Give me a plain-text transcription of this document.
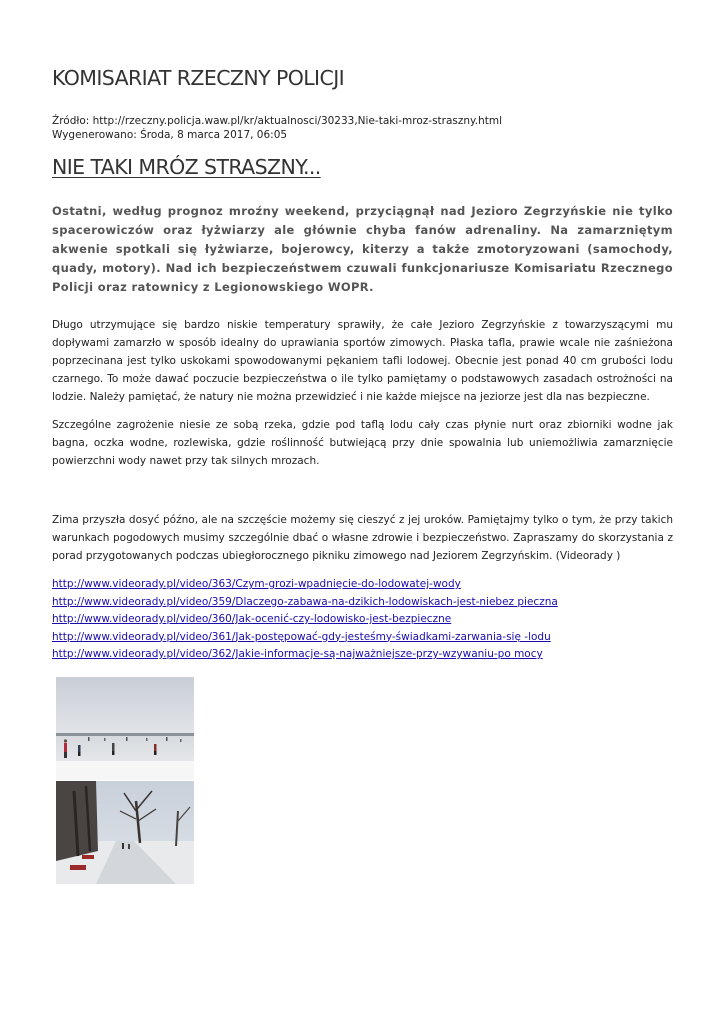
KOMISARIAT RZECZNY POLICJI
Źródło: http://rzeczny.policja.waw.pl/kr/aktualnosci/30233,Nie-taki-mroz-straszny.html
Wygenerowano: Środa, 8 marca 2017, 06:05
NIE TAKI MRÓZ STRASZNY...

Ostatni, według prognoz mroźny weekend, przyciągnął nad Jezioro Zegrzyńskie nie tylko spacerowiczów oraz łyżwiarzy ale głównie chyba fanów adrenaliny. Na zamarzniętym akwenie spotkali się łyżwiarze, bojerowcy, kiterzy a także zmotoryzowani (samochody, quady, motory). Nad ich bezpieczeństwem czuwali funkcjonariusze Komisariatu Rzecznego Policji oraz ratownicy z Legionowskiego WOPR.

Długo utrzymujące się bardzo niskie temperatury sprawiły, że całe Jezioro Zegrzyńskie z towarzyszącymi mu dopływami zamarzło w sposób idealny do uprawiania sportów zimowych. Płaska tafla, prawie wcale nie zaśnieżona poprzecinana jest tylko uskokami spowodowanymi pękaniem tafli lodowej. Obecnie jest ponad 40 cm grubości lodu czarnego. To może dawać poczucie bezpieczeństwa o ile tylko pamiętamy o podstawowych zasadach ostrożności na lodzie. Należy pamiętać, że natury nie można przewidzieć i nie każde miejsce na jeziorze jest dla nas bezpieczne.

Szczególne zagrożenie niesie ze sobą rzeka, gdzie pod taflą lodu cały czas płynie nurt oraz zbiorniki wodne jak bagna, oczka wodne, rozlewiska, gdzie roślinność butwiejącą przy dnie spowalnia lub uniemożliwia zamarznięcie powierzchni wody nawet przy tak silnych mrozach.

Zima przyszła dosyć późno, ale na szczęście możemy się cieszyć z jej uroków. Pamiętajmy tylko o tym, że przy takich warunkach pogodowych musimy szczególnie dbać o własne zdrowie i bezpieczeństwo. Zapraszamy do skorzystania z porad przygotowanych podczas ubiegłorocznego pikniku zimowego nad Jeziorem Zegrzyńskim. (Videorady )

http://www.videorady.pl/video/363/Czym-grozi-wpadnięcie-do-lodowatej-wody
http://www.videorady.pl/video/359/Dlaczego-zabawa-na-dzikich-lodowiskach-jest-niebez pieczna
http://www.videorady.pl/video/360/Jak-ocenić-czy-lodowisko-jest-bezpieczne
http://www.videorady.pl/video/361/Jak-postępować-gdy-jesteśmy-świadkami-zarwania-się -lodu
http://www.videorady.pl/video/362/Jakie-informacje-są-najważniejsze-przy-wzywaniu-po mocy
